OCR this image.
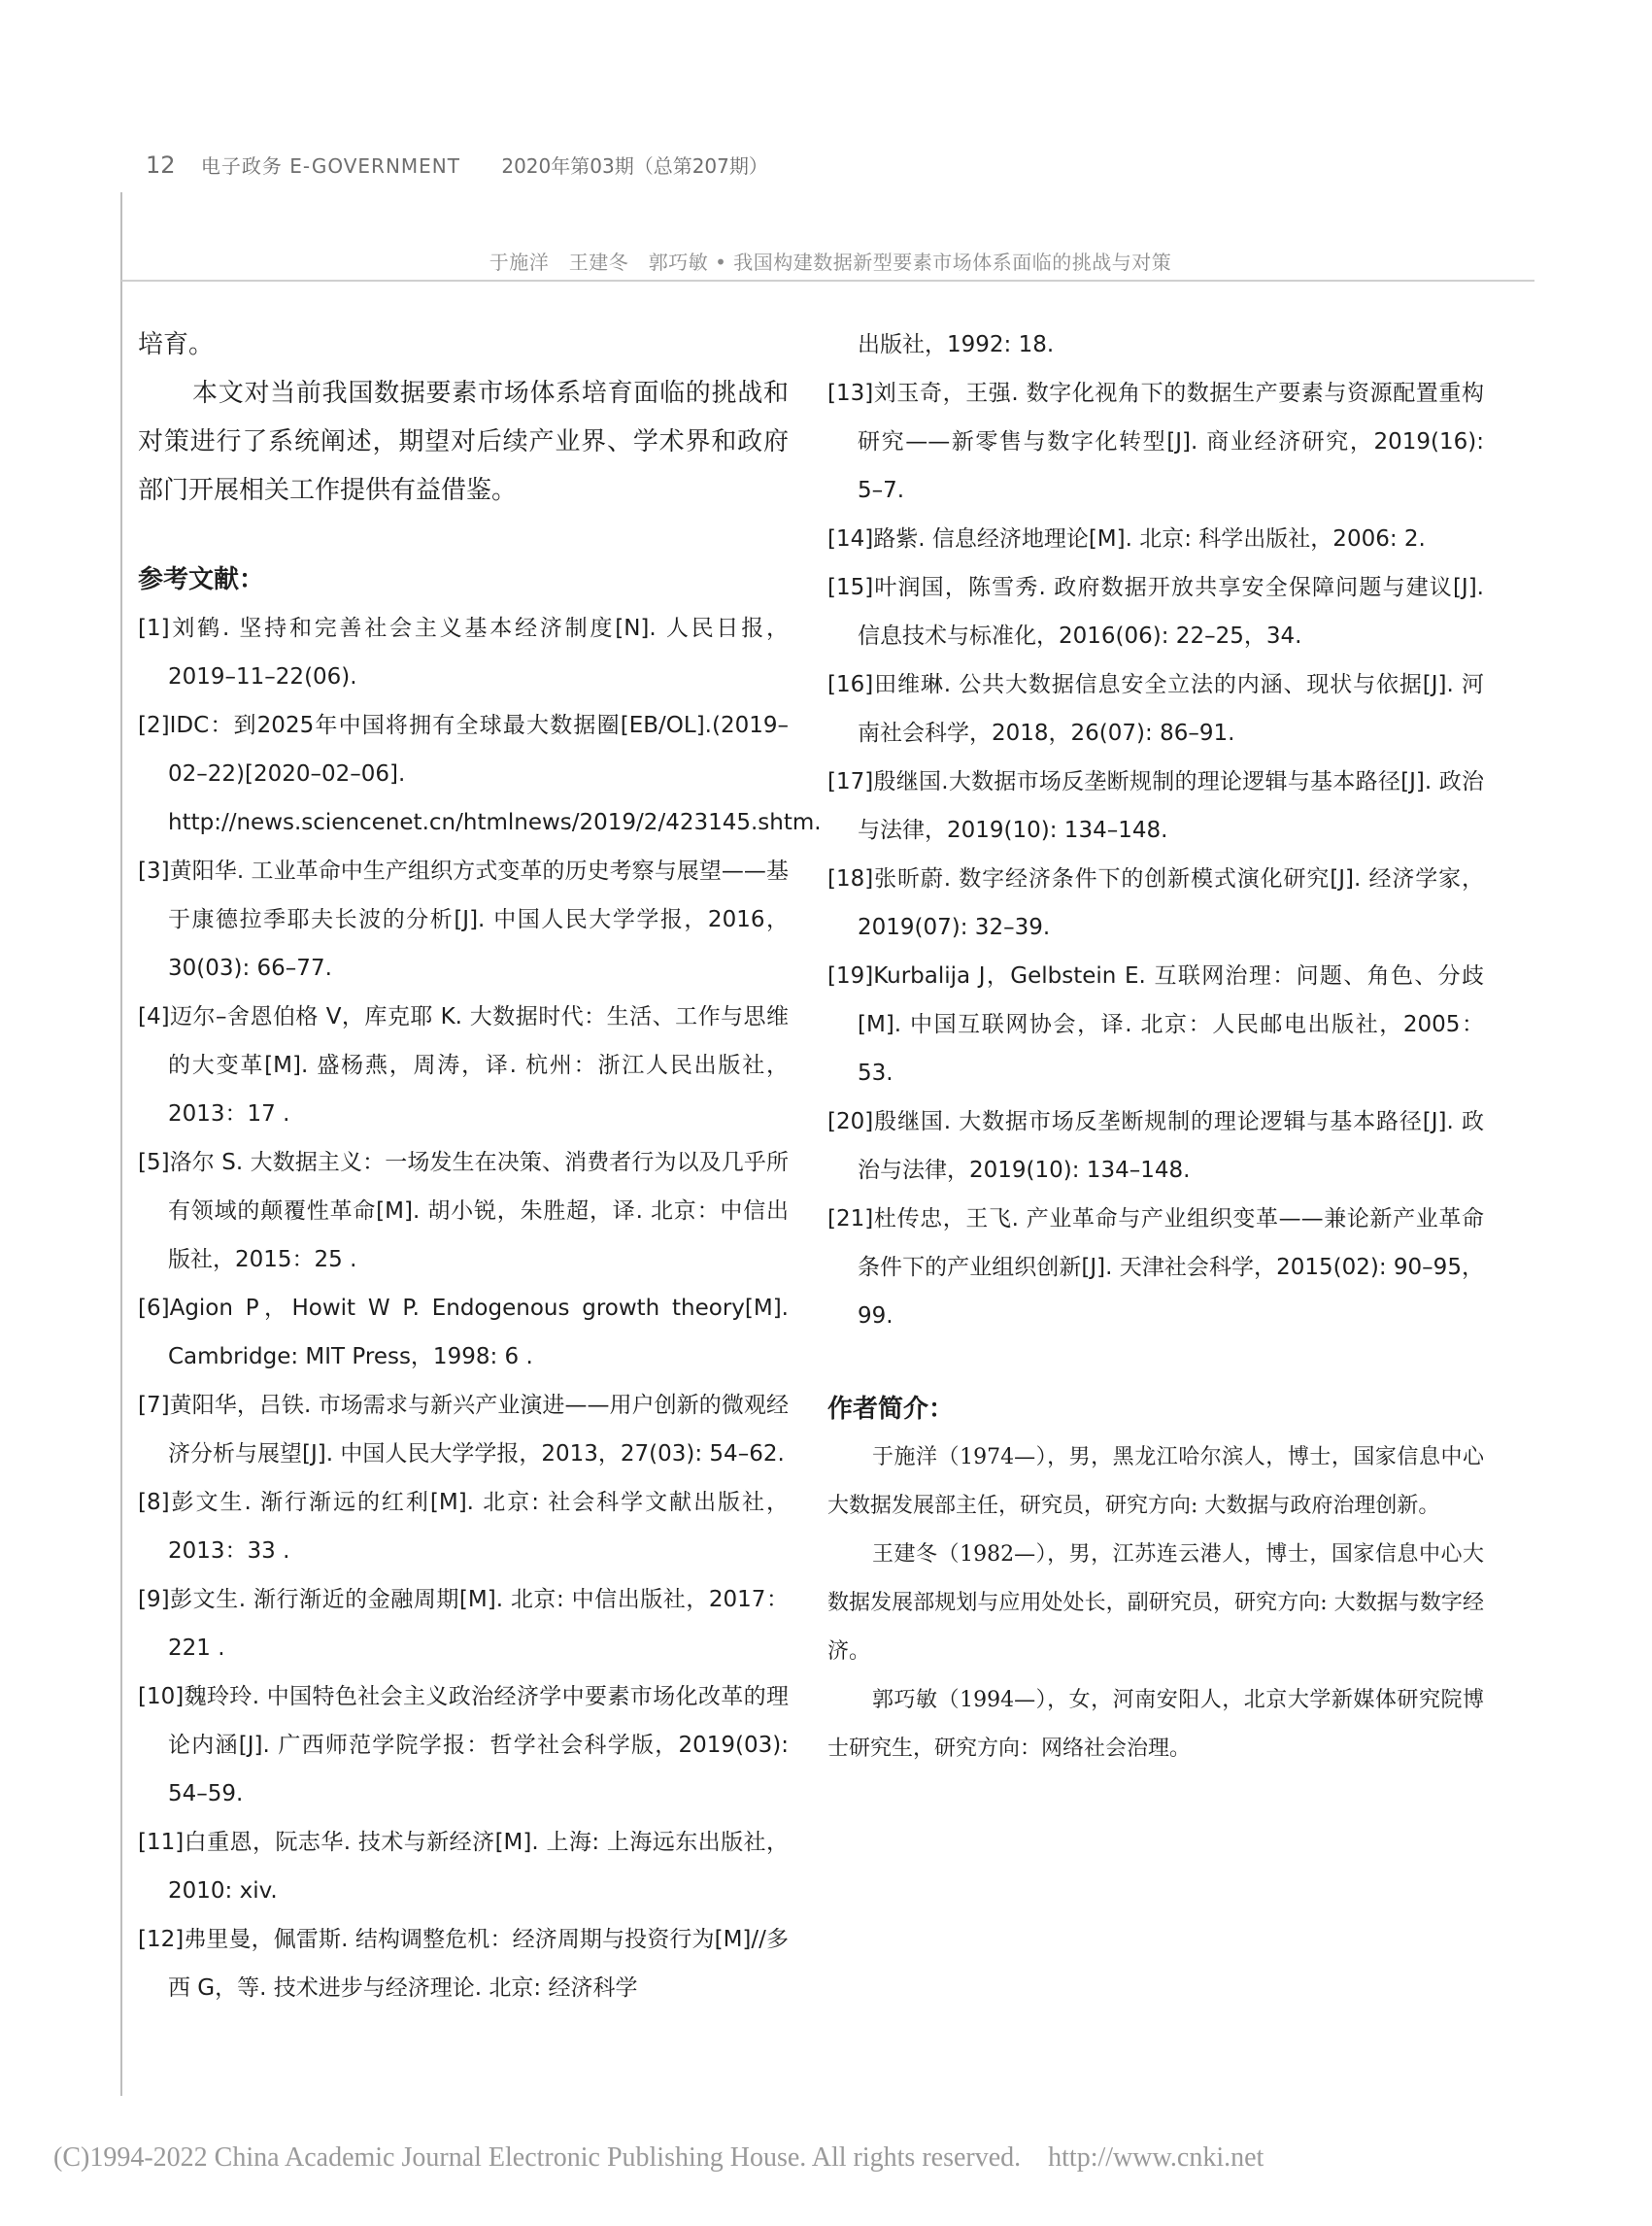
12 电子政务 E-GOVERNMENT 2020年第03期（总第207期）
于施洋　王建冬　郭巧敏 • 我国构建数据新型要素市场体系面临的挑战与对策

培育。

本文对当前我国数据要素市场体系培育面临的挑战和对策进行了系统阐述，期望对后续产业界、学术界和政府部门开展相关工作提供有益借鉴。

参考文献：

[1]刘鹤. 坚持和完善社会主义基本经济制度[N]. 人民日报，2019–11–22(06).
[2]IDC：到2025年中国将拥有全球最大数据圈[EB/OL].(2019–02–22)[2020–02–06]. http://news.sciencenet.cn/htmlnews/2019/2/423145.shtm.
[3]黄阳华. 工业革命中生产组织方式变革的历史考察与展望——基于康德拉季耶夫长波的分析[J]. 中国人民大学学报，2016，30(03): 66–77.
[4]迈尔–舍恩伯格 V，库克耶 K. 大数据时代：生活、工作与思维的大变革[M]. 盛杨燕，周涛，译. 杭州：浙江人民出版社，2013：17 .
[5]洛尔 S. 大数据主义：一场发生在决策、消费者行为以及几乎所有领域的颠覆性革命[M]. 胡小锐，朱胜超，译. 北京：中信出版社，2015：25 .
[6]Agion P，Howit W P. Endogenous growth theory[M]. Cambridge: MIT Press，1998: 6 .
[7]黄阳华，吕铁. 市场需求与新兴产业演进——用户创新的微观经济分析与展望[J]. 中国人民大学学报，2013，27(03): 54–62.
[8]彭文生. 渐行渐远的红利[M]. 北京: 社会科学文献出版社，2013：33 .
[9]彭文生. 渐行渐近的金融周期[M]. 北京: 中信出版社，2017：221 .
[10]魏玲玲. 中国特色社会主义政治经济学中要素市场化改革的理论内涵[J]. 广西师范学院学报：哲学社会科学版，2019(03): 54–59.
[11]白重恩，阮志华. 技术与新经济[M]. 上海: 上海远东出版社，2010: xiv.
[12]弗里曼，佩雷斯. 结构调整危机：经济周期与投资行为[M]//多西 G，等. 技术进步与经济理论. 北京: 经济科学

出版社，1992: 18.

[13]刘玉奇，王强. 数字化视角下的数据生产要素与资源配置重构研究——新零售与数字化转型[J]. 商业经济研究，2019(16): 5–7.
[14]路紫. 信息经济地理论[M]. 北京: 科学出版社，2006: 2.
[15]叶润国，陈雪秀. 政府数据开放共享安全保障问题与建议[J]. 信息技术与标准化，2016(06): 22–25，34.
[16]田维琳. 公共大数据信息安全立法的内涵、现状与依据[J]. 河南社会科学，2018，26(07): 86–91.
[17]殷继国.大数据市场反垄断规制的理论逻辑与基本路径[J]. 政治与法律，2019(10): 134–148.
[18]张昕蔚. 数字经济条件下的创新模式演化研究[J]. 经济学家，2019(07): 32–39.
[19]Kurbalija J，Gelbstein E. 互联网治理：问题、角色、分歧[M]. 中国互联网协会，译. 北京：人民邮电出版社，2005：53.
[20]殷继国. 大数据市场反垄断规制的理论逻辑与基本路径[J]. 政治与法律，2019(10): 134–148.
[21]杜传忠，王飞. 产业革命与产业组织变革——兼论新产业革命条件下的产业组织创新[J]. 天津社会科学，2015(02): 90–95，99.

作者简介：

于施洋（1974—），男，黑龙江哈尔滨人，博士，国家信息中心大数据发展部主任，研究员，研究方向: 大数据与政府治理创新。

王建冬（1982—），男，江苏连云港人，博士，国家信息中心大数据发展部规划与应用处处长，副研究员，研究方向: 大数据与数字经济。

郭巧敏（1994—），女，河南安阳人，北京大学新媒体研究院博士研究生，研究方向：网络社会治理。

(C)1994-2022 China Academic Journal Electronic Publishing House. All rights reserved. http://www.cnki.net
